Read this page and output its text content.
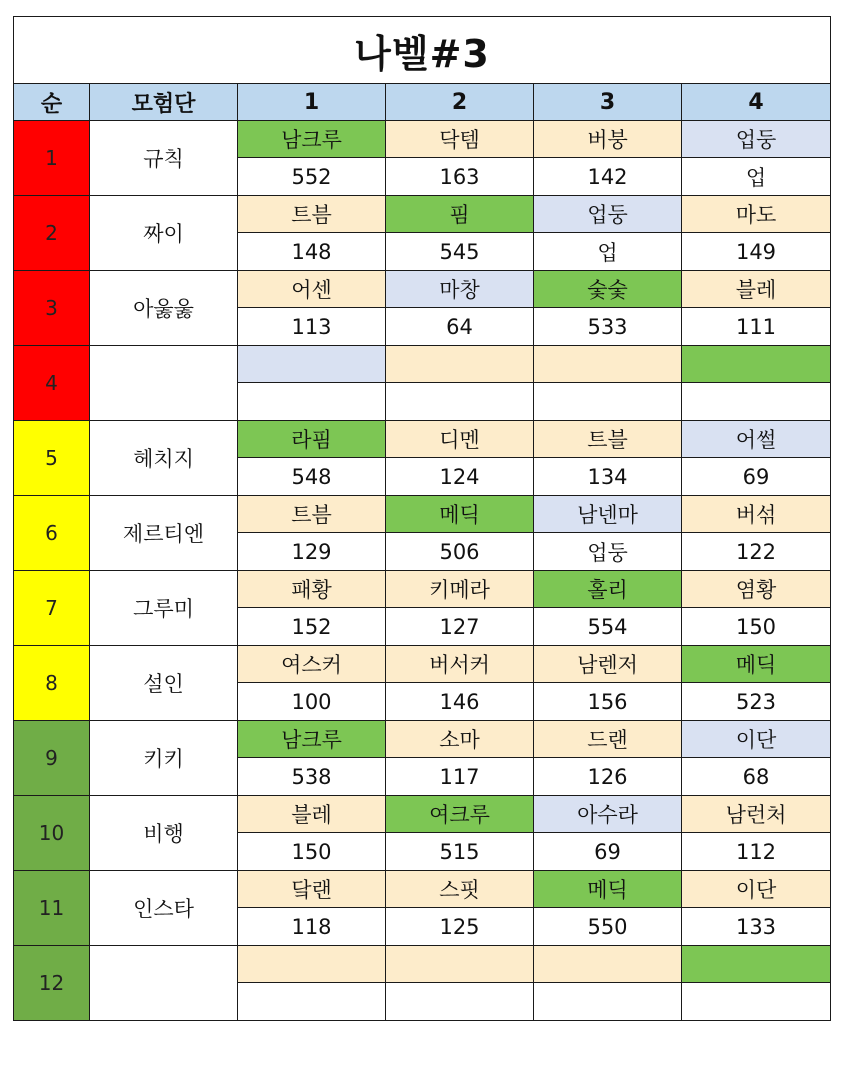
나벨#3					
순	모험단	1	2	3	4
1	규칙	남크루	닥템	버붕	업둥
		552	163	142	업
2	짜이	트븜	핌	업둥	마도
		148	545	업	149
3	아욿욿	어센	마창	숯숯	블레
		113	64	533	111
4					

5	헤치지	라핌	디멘	트블	어썰
		548	124	134	69
6	제르티엔	트븜	메딕	남넨마	버섞
		129	506	업둥	122
7	그루미	패황	키메라	홀리	염황
		152	127	554	150
8	설인	여스커	버서커	남렌저	메딕
		100	146	156	523
9	키키	남크루	소마	드랜	이단
		538	117	126	68
10	비행	블레	여크루	아수라	남런처
		150	515	69	112
11	인스타	닼랜	스핏	메딕	이단
		118	125	550	133
12					
